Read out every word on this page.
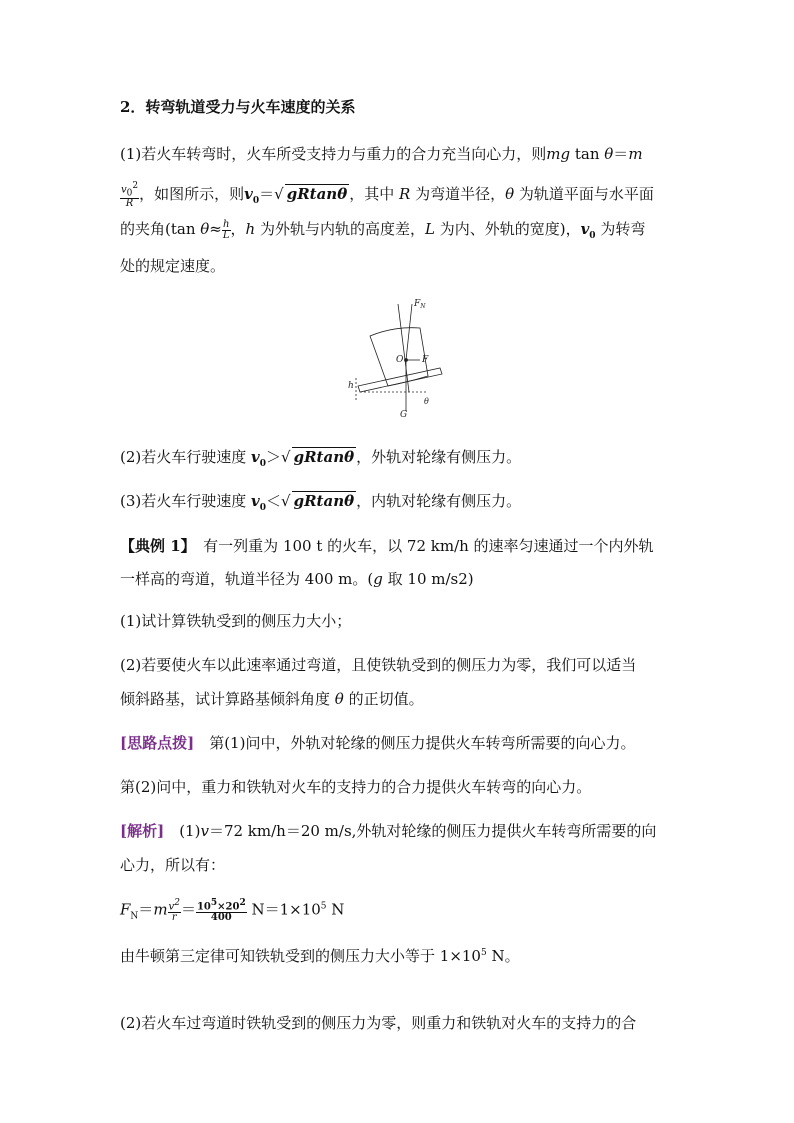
2．转弯轨道受力与火车速度的关系
(1)若火车转弯时，火车所受支持力与重力的合力充当向心力，则mg tan θ＝m
$\frac{v02}{R}$ ，如图所示，则$v_0=√$ gRtanθ ，其中 R 为弯道半径，θ 为轨道平面与水平面
的夹角(tan $\theta\approx \frac{h}{L}$ ，h 为外轨与内轨的高度差，L 为内、外轨的宽度)，$v_0$ 为转弯
处的规定速度。
(2)若火车行驶速度 $v_0>√$ gRtanθ ，外轨对轮缘有侧压力。
(3)若火车行驶速度 $v_0<√$ gRtanθ ，内轨对轮缘有侧压力。
【典例 1】　有一列重为 100 t 的火车，以 72 km/h 的速率匀速通过一个内外轨
一样高的弯道，轨道半径为 400 m。(g 取 10 m/s2)
(1)试计算铁轨受到的侧压力大小；
(2)若要使火车以此速率通过弯道，且使铁轨受到的侧压力为零，我们可以适当
倾斜路基，试计算路基倾斜角度 θ 的正切值。
[思路点拨]　第(1)问中，外轨对轮缘的侧压力提供火车转弯所需要的向心力。
第(2)问中，重力和铁轨对火车的支持力的合力提供火车转弯的向心力。
[解析]　(1)v＝72 km/h＝20 m/s,外轨对轮缘的侧压力提供火车转弯所需要的向
心力，所以有：
$F_N=m \frac{v2}{r} = \frac{105\times 202}{400} N=1\times 10^5$ N
由牛顿第三定律可知铁轨受到的侧压力大小等于 $1\times 10^5$ N。
(2)若火车过弯道时铁轨受到的侧压力为零，则重力和铁轨对火车的支持力的合
$F_N$
O F
h
G
θ
